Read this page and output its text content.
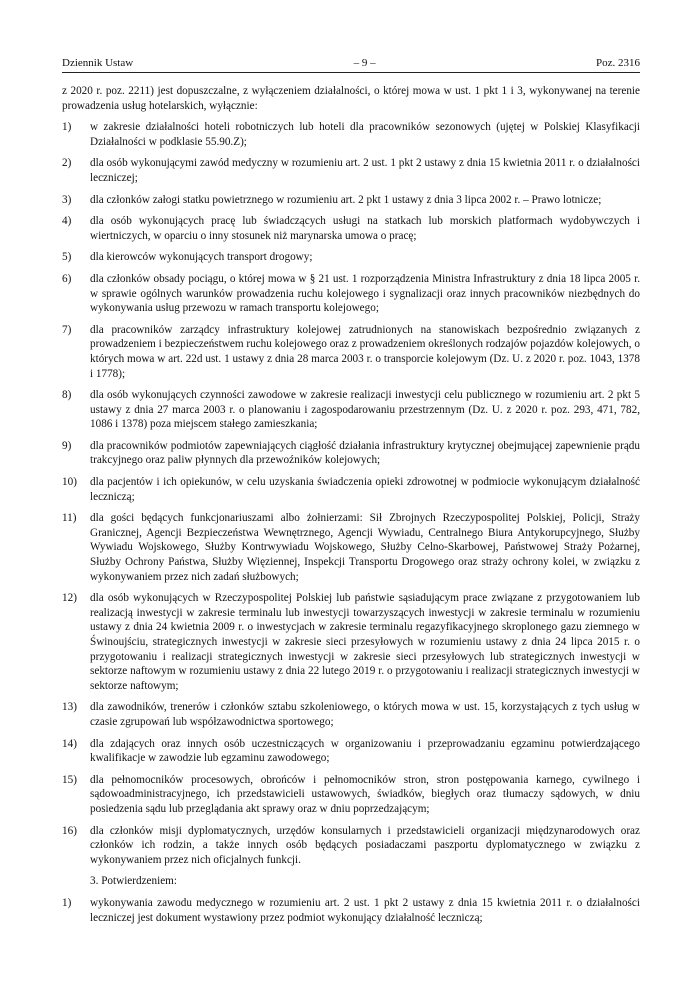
Dziennik Ustaw	– 9 –	Poz. 2316

z 2020 r. poz. 2211) jest dopuszczalne, z wyłączeniem działalności, o której mowa w ust. 1 pkt 1 i 3, wykonywanej na terenie prowadzenia usług hotelarskich, wyłącznie:

1)	w zakresie działalności hoteli robotniczych lub hoteli dla pracowników sezonowych (ujętej w Polskiej Klasyfikacji Działalności w podklasie 55.90.Z);
2)	dla osób wykonującymi zawód medyczny w rozumieniu art. 2 ust. 1 pkt 2 ustawy z dnia 15 kwietnia 2011 r. o działalności leczniczej;
3)	dla członków załogi statku powietrznego w rozumieniu art. 2 pkt 1 ustawy z dnia 3 lipca 2002 r. – Prawo lotnicze;
4)	dla osób wykonujących pracę lub świadczących usługi na statkach lub morskich platformach wydobywczych i wiertniczych, w oparciu o inny stosunek niż marynarska umowa o pracę;
5)	dla kierowców wykonujących transport drogowy;
6)	dla członków obsady pociągu, o której mowa w § 21 ust. 1 rozporządzenia Ministra Infrastruktury z dnia 18 lipca 2005 r. w sprawie ogólnych warunków prowadzenia ruchu kolejowego i sygnalizacji oraz innych pracowników niezbędnych do wykonywania usług przewozu w ramach transportu kolejowego;
7)	dla pracowników zarządcy infrastruktury kolejowej zatrudnionych na stanowiskach bezpośrednio związanych z prowadzeniem i bezpieczeństwem ruchu kolejowego oraz z prowadzeniem określonych rodzajów pojazdów kolejowych, o których mowa w art. 22d ust. 1 ustawy z dnia 28 marca 2003 r. o transporcie kolejowym (Dz. U. z 2020 r. poz. 1043, 1378 i 1778);
8)	dla osób wykonujących czynności zawodowe w zakresie realizacji inwestycji celu publicznego w rozumieniu art. 2 pkt 5 ustawy z dnia 27 marca 2003 r. o planowaniu i zagospodarowaniu przestrzennym (Dz. U. z 2020 r. poz. 293, 471, 782, 1086 i 1378) poza miejscem stałego zamieszkania;
9)	dla pracowników podmiotów zapewniających ciągłość działania infrastruktury krytycznej obejmującej zapewnienie prądu trakcyjnego oraz paliw płynnych dla przewoźników kolejowych;
10)	dla pacjentów i ich opiekunów, w celu uzyskania świadczenia opieki zdrowotnej w podmiocie wykonującym działalność leczniczą;
11)	dla gości będących funkcjonariuszami albo żołnierzami: Sił Zbrojnych Rzeczypospolitej Polskiej, Policji, Straży Granicznej, Agencji Bezpieczeństwa Wewnętrznego, Agencji Wywiadu, Centralnego Biura Antykorupcyjnego, Służby Wywiadu Wojskowego, Służby Kontrwywiadu Wojskowego, Służby Celno-Skarbowej, Państwowej Straży Pożarnej, Służby Ochrony Państwa, Służby Więziennej, Inspekcji Transportu Drogowego oraz straży ochrony kolei, w związku z wykonywaniem przez nich zadań służbowych;
12)	dla osób wykonujących w Rzeczypospolitej Polskiej lub państwie sąsiadującym prace związane z przygotowaniem lub realizacją inwestycji w zakresie terminalu lub inwestycji towarzyszących inwestycji w zakresie terminalu w rozumieniu ustawy z dnia 24 kwietnia 2009 r. o inwestycjach w zakresie terminalu regazyfikacyjnego skroplonego gazu ziemnego w Świnoujściu, strategicznych inwestycji w zakresie sieci przesyłowych w rozumieniu ustawy z dnia 24 lipca 2015 r. o przygotowaniu i realizacji strategicznych inwestycji w zakresie sieci przesyłowych lub strategicznych inwestycji w sektorze naftowym w rozumieniu ustawy z dnia 22 lutego 2019 r. o przygotowaniu i realizacji strategicznych inwestycji w sektorze naftowym;
13)	dla zawodników, trenerów i członków sztabu szkoleniowego, o których mowa w ust. 15, korzystających z tych usług w czasie zgrupowań lub współzawodnictwa sportowego;
14)	dla zdających oraz innych osób uczestniczących w organizowaniu i przeprowadzaniu egzaminu potwierdzającego kwalifikacje w zawodzie lub egzaminu zawodowego;
15)	dla pełnomocników procesowych, obrońców i pełnomocników stron, stron postępowania karnego, cywilnego i sądowoadministracyjnego, ich przedstawicieli ustawowych, świadków, biegłych oraz tłumaczy sądowych, w dniu posiedzenia sądu lub przeglądania akt sprawy oraz w dniu poprzedzającym;
16)	dla członków misji dyplomatycznych, urzędów konsularnych i przedstawicieli organizacji międzynarodowych oraz członków ich rodzin, a także innych osób będących posiadaczami paszportu dyplomatycznego w związku z wykonywaniem przez nich oficjalnych funkcji.

3. Potwierdzeniem:

1)	wykonywania zawodu medycznego w rozumieniu art. 2 ust. 1 pkt 2 ustawy z dnia 15 kwietnia 2011 r. o działalności leczniczej jest dokument wystawiony przez podmiot wykonujący działalność leczniczą;
